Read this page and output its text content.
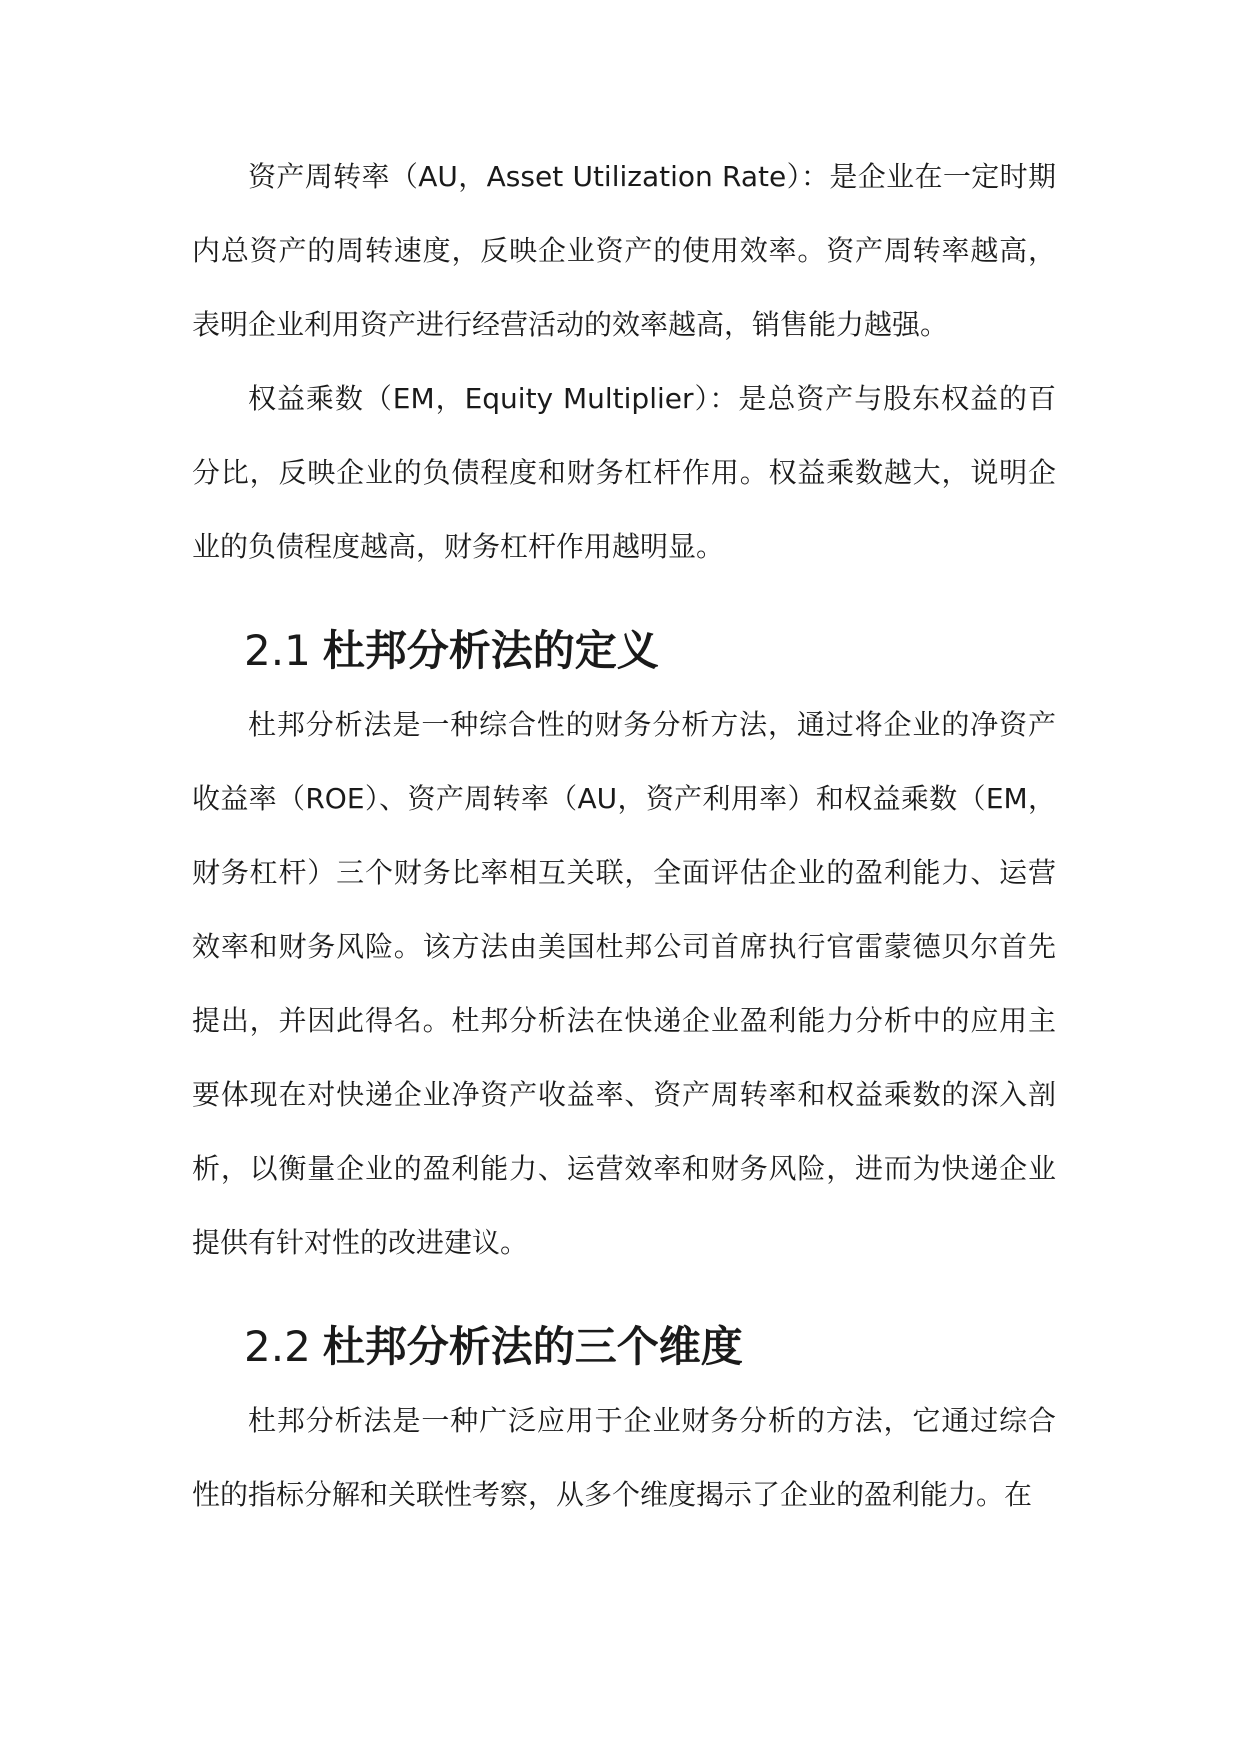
资产周转率（AU，Asset Utilization Rate）：是企业在一定时期内总资产的周转速度，反映企业资产的使用效率。资产周转率越高，表明企业利用资产进行经营活动的效率越高，销售能力越强。

权益乘数（EM，Equity Multiplier）：是总资产与股东权益的百分比，反映企业的负债程度和财务杠杆作用。权益乘数越大，说明企业的负债程度越高，财务杠杆作用越明显。

2.1 杜邦分析法的定义

杜邦分析法是一种综合性的财务分析方法，通过将企业的净资产收益率（ROE）、资产周转率（AU，资产利用率）和权益乘数（EM，财务杠杆）三个财务比率相互关联，全面评估企业的盈利能力、运营效率和财务风险。该方法由美国杜邦公司首席执行官雷蒙德贝尔首先提出，并因此得名。杜邦分析法在快递企业盈利能力分析中的应用主要体现在对快递企业净资产收益率、资产周转率和权益乘数的深入剖析，以衡量企业的盈利能力、运营效率和财务风险，进而为快递企业提供有针对性的改进建议。

2.2 杜邦分析法的三个维度

杜邦分析法是一种广泛应用于企业财务分析的方法，它通过综合性的指标分解和关联性考察，从多个维度揭示了企业的盈利能力。在
